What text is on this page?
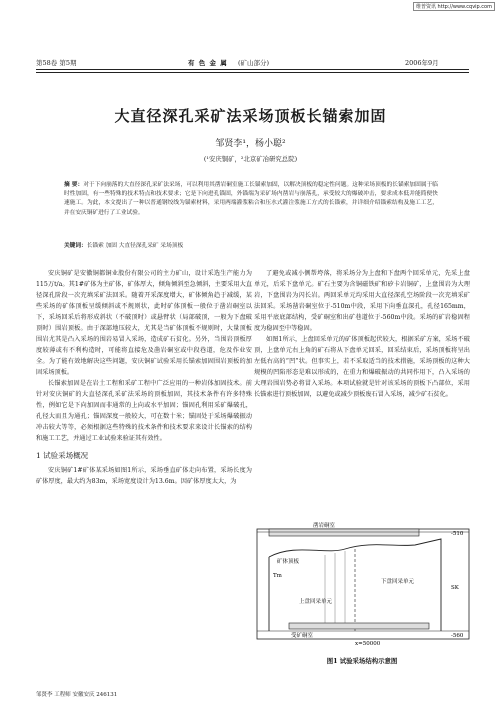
维普资讯 http://www.cqvip.com
第58卷 第5期	有 色 金 属 (矿山部分)	2006年9月
大直径深孔采矿法采场顶板长锚索加固
邹贤李¹，杨小聪²
(¹安庆铜矿，²北京矿冶研究总院)
摘 要：对于下向崩落的大直径深孔采矿法采场，可以利用其凿岩硐室施工长锚索加固，以解决顶板的稳定性问题。这种采场顶板的长锚索加固属于临时性加固，有一些特殊的技术特点和技术要求；它是下向进孔锚固，外锚端为采矿场内凿岩与崩落孔，承受较大的爆破冲击，要求成本低并能简便快速施工。为此，本文提出了一种以普通钢绞线为锚索材料，采用两端灌浆粘合和压水式灌注浆施工方式的长锚索，并详细介绍锚索结构及施工工艺，并在安庆铜矿进行了工业试验。
关键词：长锚索 加固 大直径深孔采矿 采场顶板

安庆铜矿是安徽铜都铜业股份有限公司的主力矿山，设计采选生产能力为115万t/a。其1#矿体为主矿体，矿体厚大，倾角倾斜至急倾斜，主要采用大直径深孔阶段一次充填采矿法回采。随着开采深度增大，矿体倾角趋于减缓，某些采场的矿体顶板呈缓倾斜或不规则状，此时矿体顶板一般位于凿岩硐室以下，采场回采后将形成斜状（不破顶时）或悬臂状（局部破顶，一般为下盘破顶时）围岩顶板。由于深部地压较大，尤其是当矿体顶板不规则时，大量顶板围岩尤其是凸入采场的围岩易冒入采场，造成矿石贫化。另外，当围岩顶板厚度较薄或有不利构造时，可能将直接危及凿岩硐室或中段巷道，危及作业安全。为了能有效地解决这些问题，安庆铜矿试验采用长锚索加固围岩顶板的加固采场顶板。

长锚索加固是在岩土工程和采矿工程中广泛应用的一种岩体加固技术。前针对安庆铜矿的大直径深孔采矿法采场的顶板加固，其技术条件有许多特殊性，例如它是下向加固而非通常的上向或水平加固；锚固孔利用采矿爆破孔，孔径大而且为通孔；锚固深度一般较大，可在数十米；锚固处于采场爆破振动冲击较大等等，必须根据这些特殊的技术条件和技术要求来设计长锚索的结构和施工工艺，并通过工业试验来验证其有效性。

1 试验采场概况

安庆铜矿1#矿体某采场如图1所示，采场垂直矿体走向布置，采场长度为矿体厚度，最大约为83m，采场宽度设计为13.6m。因矿体厚度太大，为

了避免或减小侧帮垮落，将采场分为上盘和下盘两个回采单元，先采上盘单元，后采下盘单元。矿石主要为含铜磁铁矿和矽卡岩铜矿，上盘围岩为大理岩，下盘围岩为闪长岩。两回采单元均采用大直径深孔空场阶段一次充填采矿法回采。采场凿岩硐室位于-510m中段，采用下向垂直深孔，孔径165mm，采用平底底部结构，受矿硐室和出矿巷道位于-560m中段。采场的矿岩稳固程度为稳固至中等稳固。

如图1所示，上盘回采单元的矿体顶板起伏较大，根据采矿方案，采场不破顶，上盘单元右上角的矿石将从下盘单元回采，回采结束后，采场顶板将呈出左低右高的“凹”状。但事实上，若不采取适当的技术措施，采场顶板的这种大规模的凹陷形态是难以形成的，在重力和爆破振动的共同作用下，凸入采场的大理岩围岩势必将冒入采场。本项试验就是针对该采场的顶板下凸部位，采用长锚索进行顶板加固，以避免或减少顶板废石冒入采场，减少矿石贫化。

凿岩硐室
-510
矿体顶板
Tm
上盘回采单元
下盘回采单元
SK
受矿硐室	-560
x=50000
图1 试验采场结构示意图
邹贤李 工程师 安徽安庆 246131
